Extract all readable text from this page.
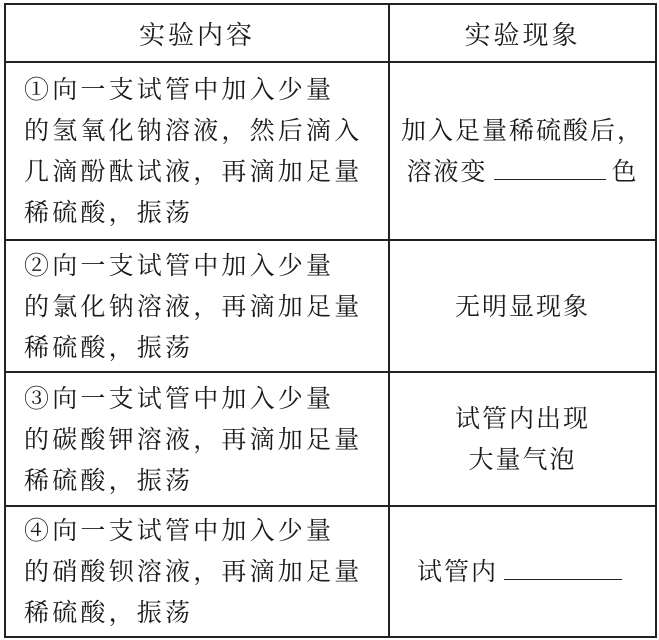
实验内容	实验现象

①向一支试管中加入少量
的氢氧化钠溶液，然后滴入
几滴酚酞试液，再滴加足量
稀硫酸，振荡	加入足量稀硫酸后，
溶液变 色

②向一支试管中加入少量
的氯化钠溶液，再滴加足量
稀硫酸，振荡	无明显现象

③向一支试管中加入少量
的碳酸钾溶液，再滴加足量
稀硫酸，振荡	试管内出现
大量气泡

④向一支试管中加入少量
的硝酸钡溶液，再滴加足量
稀硫酸，振荡	试管内
